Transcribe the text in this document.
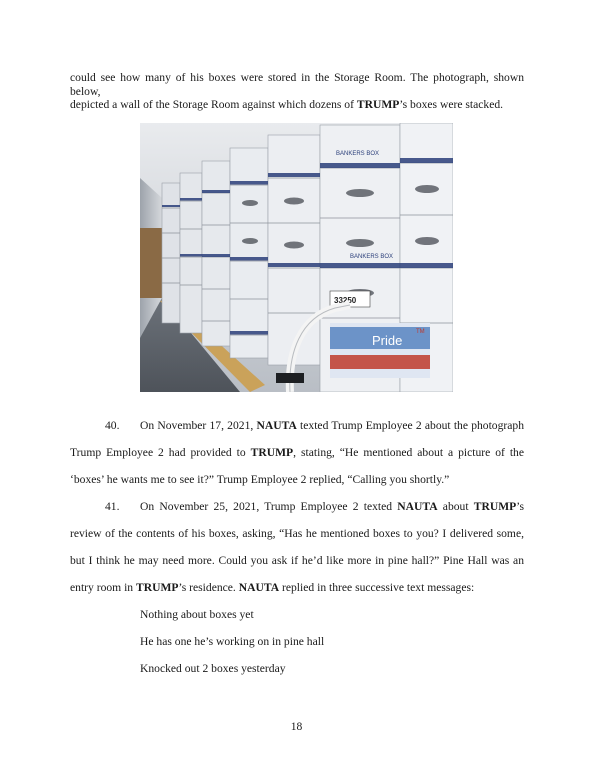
could see how many of his boxes were stored in the Storage Room. The photograph, shown below,
depicted a wall of the Storage Room against which dozens of TRUMP’s boxes were stacked.
BANKERS BOX
BANKERS BOX
33250
Pride
TM
40. On November 17, 2021, NAUTA texted Trump Employee 2 about the photograph
Trump Employee 2 had provided to TRUMP, stating, “He mentioned about a picture of the
‘boxes’ he wants me to see it?” Trump Employee 2 replied, “Calling you shortly.”
41. On November 25, 2021, Trump Employee 2 texted NAUTA about TRUMP’s
review of the contents of his boxes, asking, “Has he mentioned boxes to you? I delivered some,
but I think he may need more. Could you ask if he’d like more in pine hall?” Pine Hall was an
entry room in TRUMP’s residence. NAUTA replied in three successive text messages:
Nothing about boxes yet
He has one he’s working on in pine hall
Knocked out 2 boxes yesterday
18
